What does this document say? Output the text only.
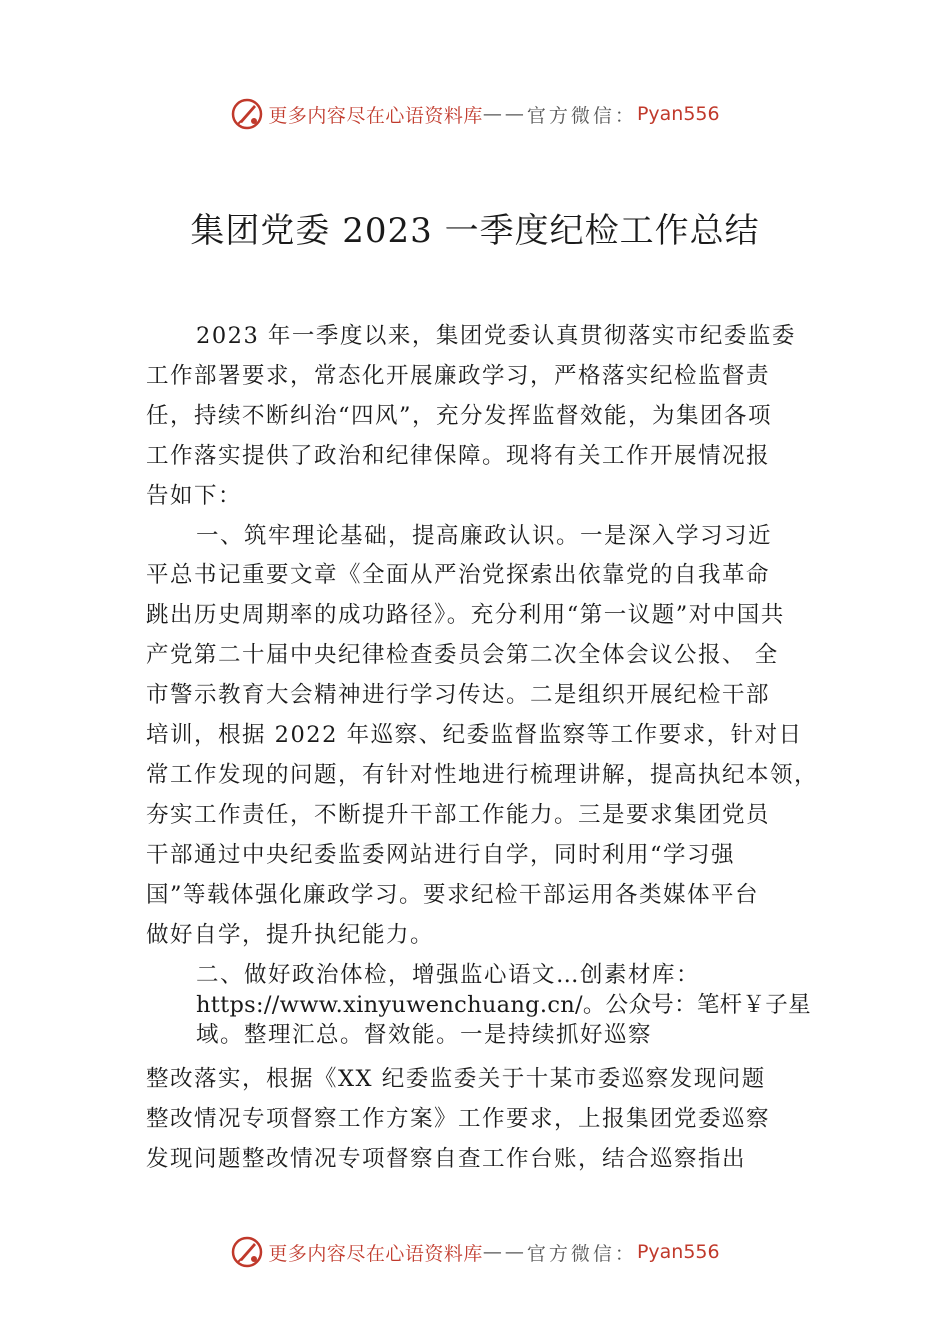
更多内容尽在心语资料库 —— 官方微信： Pyan556
集团党委 2023 一季度纪检工作总结
2023 年一季度以来，集团党委认真贯彻落实市纪委监委
工作部署要求，常态化开展廉政学习，严格落实纪检监督责
任，持续不断纠治“四风”，充分发挥监督效能，为集团各项
工作落实提供了政治和纪律保障。现将有关工作开展情况报
告如下：
一、筑牢理论基础，提高廉政认识。一是深入学习习近
平总书记重要文章《全面从严治党探索出依靠党的自我革命
跳出历史周期率的成功路径》。充分利用“第一议题”对中国共
产党第二十届中央纪律检查委员会第二次全体会议公报、 全
市警示教育大会精神进行学习传达。二是组织开展纪检干部
培训，根据 2022 年巡察、纪委监督监察等工作要求，针对日
常工作发现的问题，有针对性地进行梳理讲解，提高执纪本领，
夯实工作责任，不断提升干部工作能力。三是要求集团党员
干部通过中央纪委监委网站进行自学，同时利用“学习强
国”等载体强化廉政学习。要求纪检干部运用各类媒体平台
做好自学，提升执纪能力。
二、做好政治体检，增强监心语文…创素材库：
https://www.xinyuwenchuang.cn/。公众号：笔杆￥子星
域。整理汇总。督效能。一是持续抓好巡察
整改落实，根据《XX 纪委监委关于十某市委巡察发现问题
整改情况专项督察工作方案》工作要求，上报集团党委巡察
发现问题整改情况专项督察自查工作台账，结合巡察指出
更多内容尽在心语资料库 —— 官方微信： Pyan556
